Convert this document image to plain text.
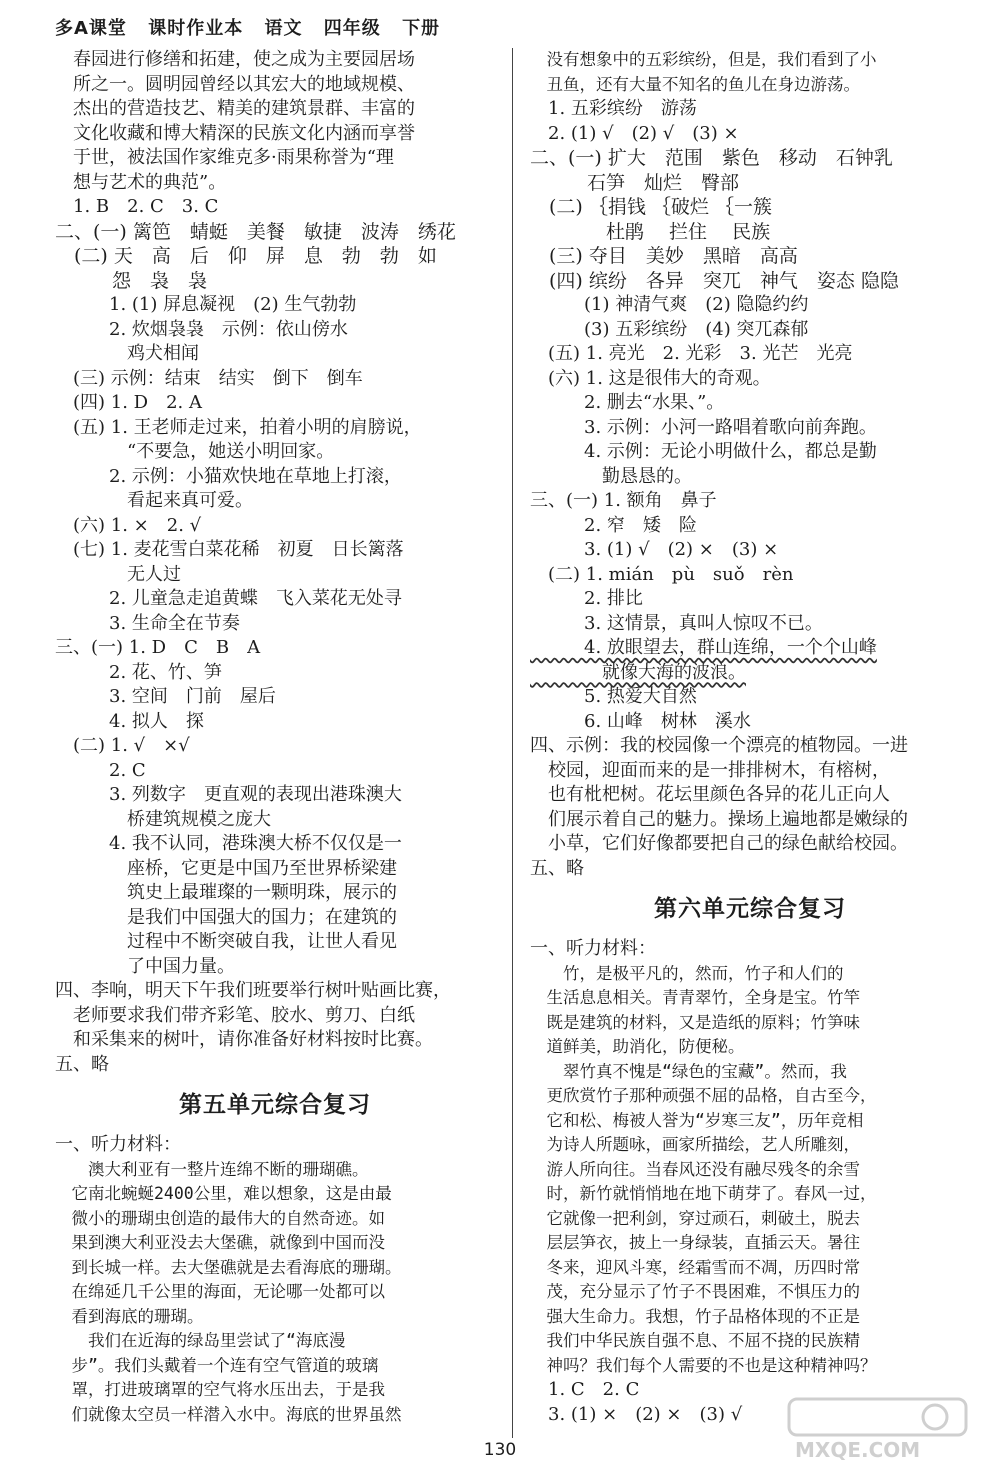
多A课堂 课时作业本 语文 四年级 下册
　春园进行修缮和拓建，使之成为主要园居场
　所之一。圆明园曾经以其宏大的地域规模、
　杰出的营造技艺、精美的建筑景群、丰富的
　文化收藏和博大精深的民族文化内涵而享誉
　于世，被法国作家维克多·雨果称誉为“理
　想与艺术的典范”。
　1. B　2. C　3. C
二、(一) 篱笆　蜻蜓　美餐　敏捷　波涛　绣花
　(二) 天　高　后　仰　屏　息　勃　勃　如
　　　怨　袅　袅
　　　1. (1) 屏息凝视　(2) 生气勃勃
　　　2. 炊烟袅袅　示例：依山傍水
　　　　鸡犬相闻
　(三) 示例：结束　结实　倒下　倒车
　(四) 1. D　2. A
　(五) 1. 王老师走过来，拍着小明的肩膀说，
　　　　“不要急，她送小明回家。
　　　2. 示例：小猫欢快地在草地上打滚，
　　　　看起来真可爱。
　(六) 1. ×　2. √
　(七) 1. 麦花雪白菜花稀　初夏　日长篱落
　　　　无人过
　　　2. 儿童急走追黄蝶　飞入菜花无处寻
　　　3. 生命全在节奏
三、(一) 1. D　C　B　A
　　　2. 花、竹、笋
　　　3. 空间　门前　屋后
　　　4. 拟人　探
　(二) 1. √　×√
　　　2. C
　　　3. 列数字　更直观的表现出港珠澳大
　　　　桥建筑规模之庞大
　　　4. 我不认同，港珠澳大桥不仅仅是一
　　　　座桥，它更是中国乃至世界桥梁建
　　　　筑史上最璀璨的一颗明珠，展示的
　　　　是我们中国强大的国力；在建筑的
　　　　过程中不断突破自我，让世人看见
　　　　了中国力量。
四、李响，明天下午我们班要举行树叶贴画比赛，
　老师要求我们带齐彩笔、胶水、剪刀、白纸
　和采集来的树叶，请你准备好材料按时比赛。
五、略
第五单元综合复习
一、听力材料：
　　澳大利亚有一整片连绵不断的珊瑚礁。
　它南北蜿蜒2400公里，难以想象，这是由最
　微小的珊瑚虫创造的最伟大的自然奇迹。如
　果到澳大利亚没去大堡礁，就像到中国而没
　到长城一样。去大堡礁就是去看海底的珊瑚。
　在绵延几千公里的海面，无论哪一处都可以
　看到海底的珊瑚。
　　我们在近海的绿岛里尝试了“海底漫
　步”。我们头戴着一个连有空气管道的玻璃
　罩，打进玻璃罩的空气将水压出去，于是我
　们就像太空员一样潜入水中。海底的世界虽然
　没有想象中的五彩缤纷，但是，我们看到了小
　丑鱼，还有大量不知名的鱼儿在身边游荡。
　1. 五彩缤纷　游荡
　2. (1) √　(2) √　(3) ×
二、(一) 扩大　范围　紫色　移动　石钟乳
　　　石笋　灿烂　臀部
　(二) ｛捐钱 ｛破烂 ｛一簇
　　　　杜鹃　 拦住　 民族
　(三) 夺目　美妙　黑暗　高高
　(四) 缤纷　各异　突兀　神气　姿态 隐隐
　　　(1) 神清气爽　(2) 隐隐约约
　　　(3) 五彩缤纷　(4) 突兀森郁
　(五) 1. 亮光　2. 光彩　3. 光芒　光亮
　(六) 1. 这是很伟大的奇观。
　　　2. 删去“水果、”。
　　　3. 示例：小河一路唱着歌向前奔跑。
　　　4. 示例：无论小明做什么，都总是勤
　　　　勤恳恳的。
三、(一) 1. 额角　鼻子
　　　2. 窄　矮　险
　　　3. (1) √　(2) ×　(3) ×
　(二) 1. mián　pù　suǒ　rèn
　　　2. 排比
　　　3. 这情景，真叫人惊叹不已。
　　　4. 放眼望去，群山连绵，一个个山峰
　　　　就像大海的波浪。
　　　5. 热爱大自然
　　　6. 山峰　树林　溪水
四、示例：我的校园像一个漂亮的植物园。一进
　校园，迎面而来的是一排排树木，有榕树，
　也有枇杷树。花坛里颜色各异的花儿正向人
　们展示着自己的魅力。操场上遍地都是嫩绿的
　小草，它们好像都要把自己的绿色献给校园。
五、略
第六单元综合复习
一、听力材料：
　　竹，是极平凡的，然而，竹子和人们的
　生活息息相关。青青翠竹，全身是宝。竹竿
　既是建筑的材料，又是造纸的原料；竹笋味
　道鲜美，助消化，防便秘。
　　翠竹真不愧是“绿色的宝藏”。然而，我
　更欣赏竹子那种顽强不屈的品格，自古至今，
　它和松、梅被人誉为“岁寒三友”，历年竞相
　为诗人所题咏，画家所描绘，艺人所雕刻，
　游人所向往。当春风还没有融尽残冬的余雪
　时，新竹就悄悄地在地下萌芽了。春风一过，
　它就像一把利剑，穿过顽石，刺破土，脱去
　层层笋衣，披上一身绿装，直插云天。暑往
　冬来，迎风斗寒，经霜雪而不凋，历四时常
　茂，充分显示了竹子不畏困难，不惧压力的
　强大生命力。我想，竹子品格体现的不正是
　我们中华民族自强不息、不屈不挠的民族精
　神吗？我们每个人需要的不也是这种精神吗？
　1. C　2. C
　3. (1) ×　(2) ×　(3) √
130	MXQE.COM
